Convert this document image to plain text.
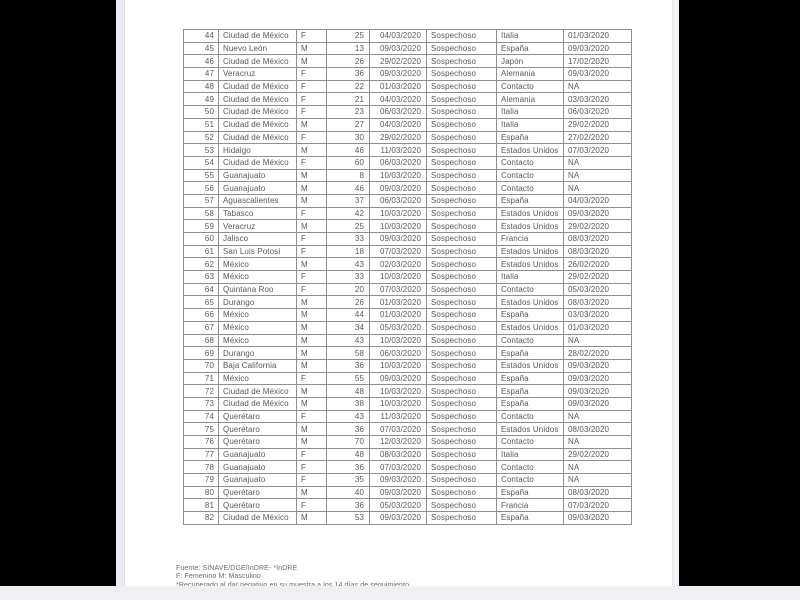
44	Ciudad de México	F	25	04/03/2020	Sospechoso	Italia	01/03/2020
45	Nuevo León	M	13	09/03/2020	Sospechoso	España	09/03/2020
46	Ciudad de México	M	26	29/02/2020	Sospechoso	Japón	17/02/2020
47	Veracruz	F	36	09/03/2020	Sospechoso	Alemania	09/03/2020
48	Ciudad de México	F	22	01/03/2020	Sospechoso	Contacto	NA
49	Ciudad de México	F	21	04/03/2020	Sospechoso	Alemania	03/03/2020
50	Ciudad de México	F	23	06/03/2020	Sospechoso	Italia	06/03/2020
51	Ciudad de México	M	27	04/03/2020	Sospechoso	Italia	29/02/2020
52	Ciudad de México	F	30	29/02/2020	Sospechoso	España	27/02/2020
53	Hidalgo	M	46	11/03/2020	Sospechoso	Estados Unidos	07/03/2020
54	Ciudad de México	F	60	06/03/2020	Sospechoso	Contacto	NA
55	Guanajuato	M	8	10/03/2020	Sospechoso	Contacto	NA
56	Guanajuato	M	46	09/03/2020	Sospechoso	Contacto	NA
57	Aguascalientes	M	37	06/03/2020	Sospechoso	España	04/03/2020
58	Tabasco	F	42	10/03/2020	Sospechoso	Estados Unidos	09/03/2020
59	Veracruz	M	25	10/03/2020	Sospechoso	Estados Unidos	29/02/2020
60	Jalisco	F	33	09/03/2020	Sospechoso	Francia	08/03/2020
61	San Luis Potosí	F	18	07/03/2020	Sospechoso	Estados Unidos	08/03/2020
62	México	M	43	02/03/2020	Sospechoso	Estados Unidos	26/02/2020
63	México	F	33	10/03/2020	Sospechoso	Italia	29/02/2020
64	Quintana Roo	F	20	07/03/2020	Sospechoso	Contacto	05/03/2020
65	Durango	M	26	01/03/2020	Sospechoso	Estados Unidos	08/03/2020
66	México	M	44	01/03/2020	Sospechoso	España	03/03/2020
67	México	M	34	05/03/2020	Sospechoso	Estados Unidos	01/03/2020
68	México	M	43	10/03/2020	Sospechoso	Contacto	NA
69	Durango	M	58	06/03/2020	Sospechoso	España	28/02/2020
70	Baja California	M	36	10/03/2020	Sospechoso	Estados Unidos	09/03/2020
71	México	F	55	09/03/2020	Sospechoso	España	09/03/2020
72	Ciudad de México	M	48	10/03/2020	Sospechoso	España	09/03/2020
73	Ciudad de México	M	38	10/03/2020	Sospechoso	España	09/03/2020
74	Querétaro	F	43	11/03/2020	Sospechoso	Contacto	NA
75	Querétaro	M	36	07/03/2020	Sospechoso	Estados Unidos	08/03/2020
76	Querétaro	M	70	12/03/2020	Sospechoso	Contacto	NA
77	Guanajuato	F	48	08/03/2020	Sospechoso	Italia	29/02/2020
78	Guanajuato	F	36	07/03/2020	Sospechoso	Contacto	NA
79	Guanajuato	F	35	09/03/2020	Sospechoso	Contacto	NA
80	Querétaro	M	40	09/03/2020	Sospechoso	España	08/03/2020
81	Querétaro	F	36	05/03/2020	Sospechoso	Francia	07/03/2020
82	Ciudad de México	M	53	09/03/2020	Sospechoso	España	09/03/2020
Fuente: SINAVE/DGE/InDRE- *InDRE
F: Femenino M: Masculino
